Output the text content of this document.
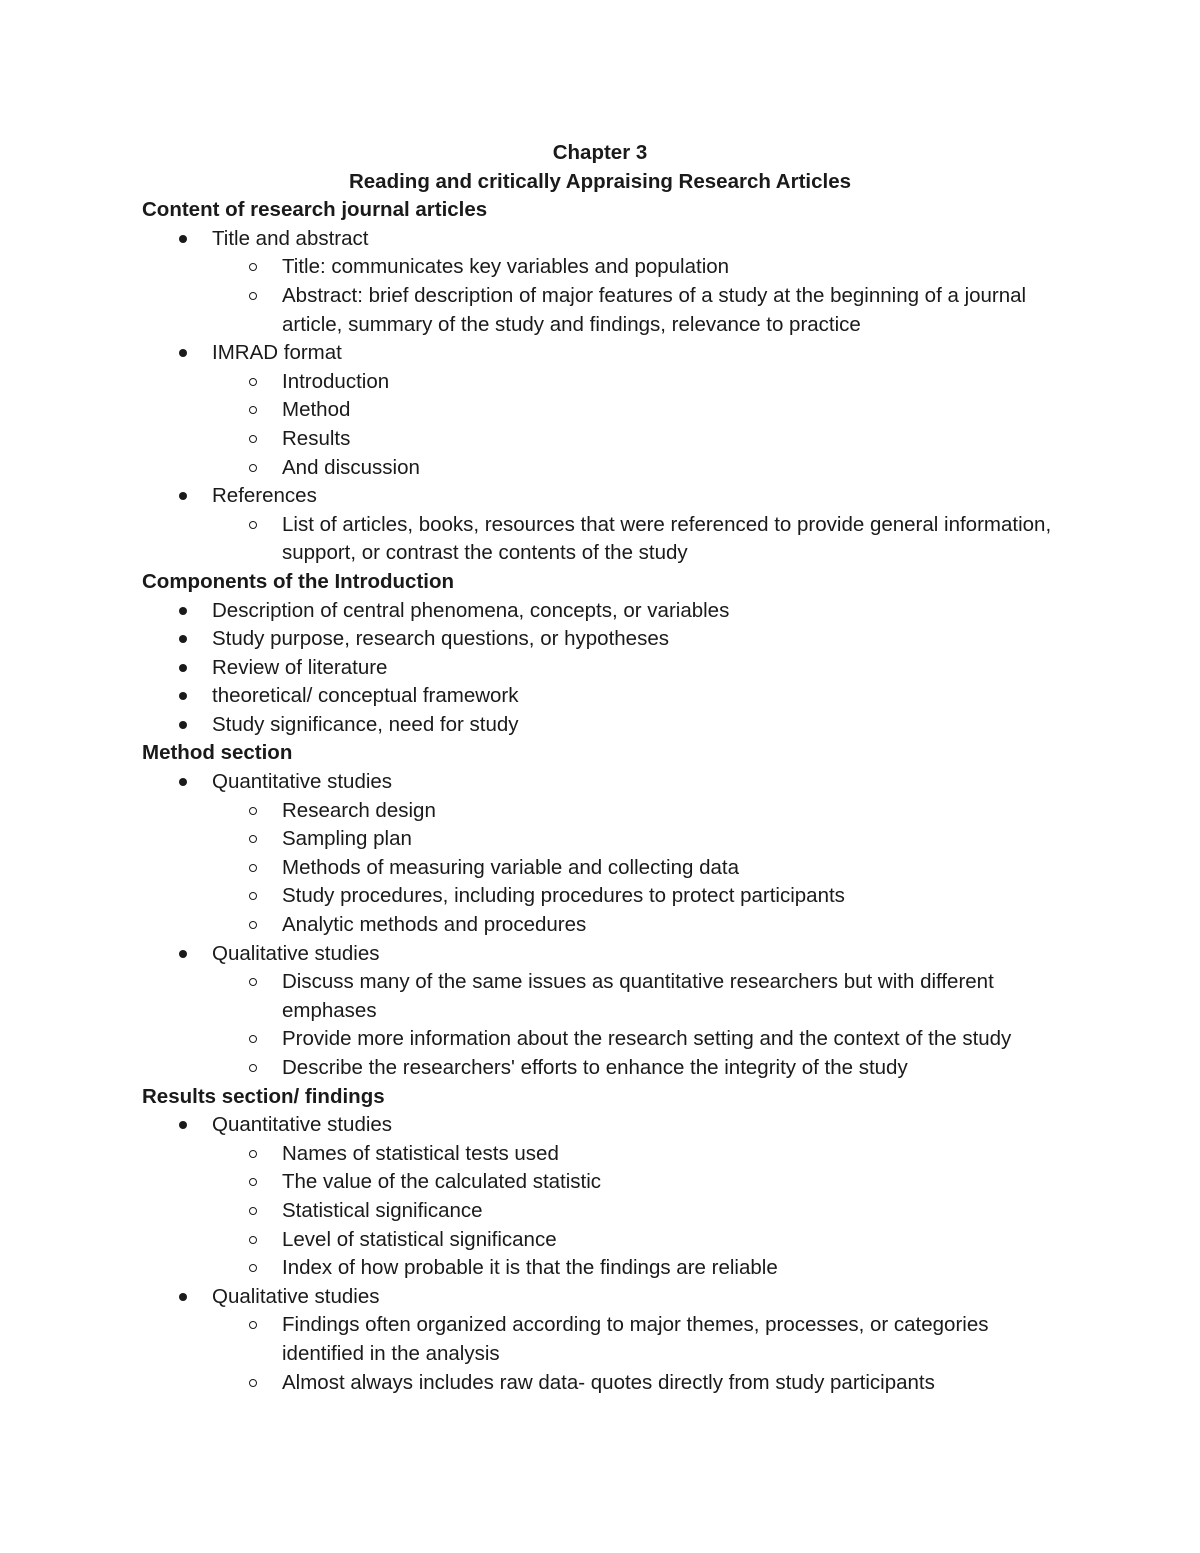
Chapter 3

Reading and critically Appraising Research Articles

Content of research journal articles

Title and abstract
Title: communicates key variables and population
Abstract: brief description of major features of a study at the beginning of a journal article, summary of the study and findings, relevance to practice
IMRAD format
Introduction
Method
Results
And discussion
References
List of articles, books, resources that were referenced to provide general information, support, or contrast the contents of the study

Components of the Introduction

Description of central phenomena, concepts, or variables
Study purpose, research questions, or hypotheses
Review of literature
theoretical/ conceptual framework
Study significance, need for study

Method section

Quantitative studies
Research design
Sampling plan
Methods of measuring variable and collecting data
Study procedures, including procedures to protect participants
Analytic methods and procedures
Qualitative studies
Discuss many of the same issues as quantitative researchers but with different emphases
Provide more information about the research setting and the context of the study
Describe the researchers' efforts to enhance the integrity of the study

Results section/ findings

Quantitative studies
Names of statistical tests used
The value of the calculated statistic
Statistical significance
Level of statistical significance
Index of how probable it is that the findings are reliable
Qualitative studies
Findings often organized according to major themes, processes, or categories identified in the analysis
Almost always includes raw data- quotes directly from study participants
